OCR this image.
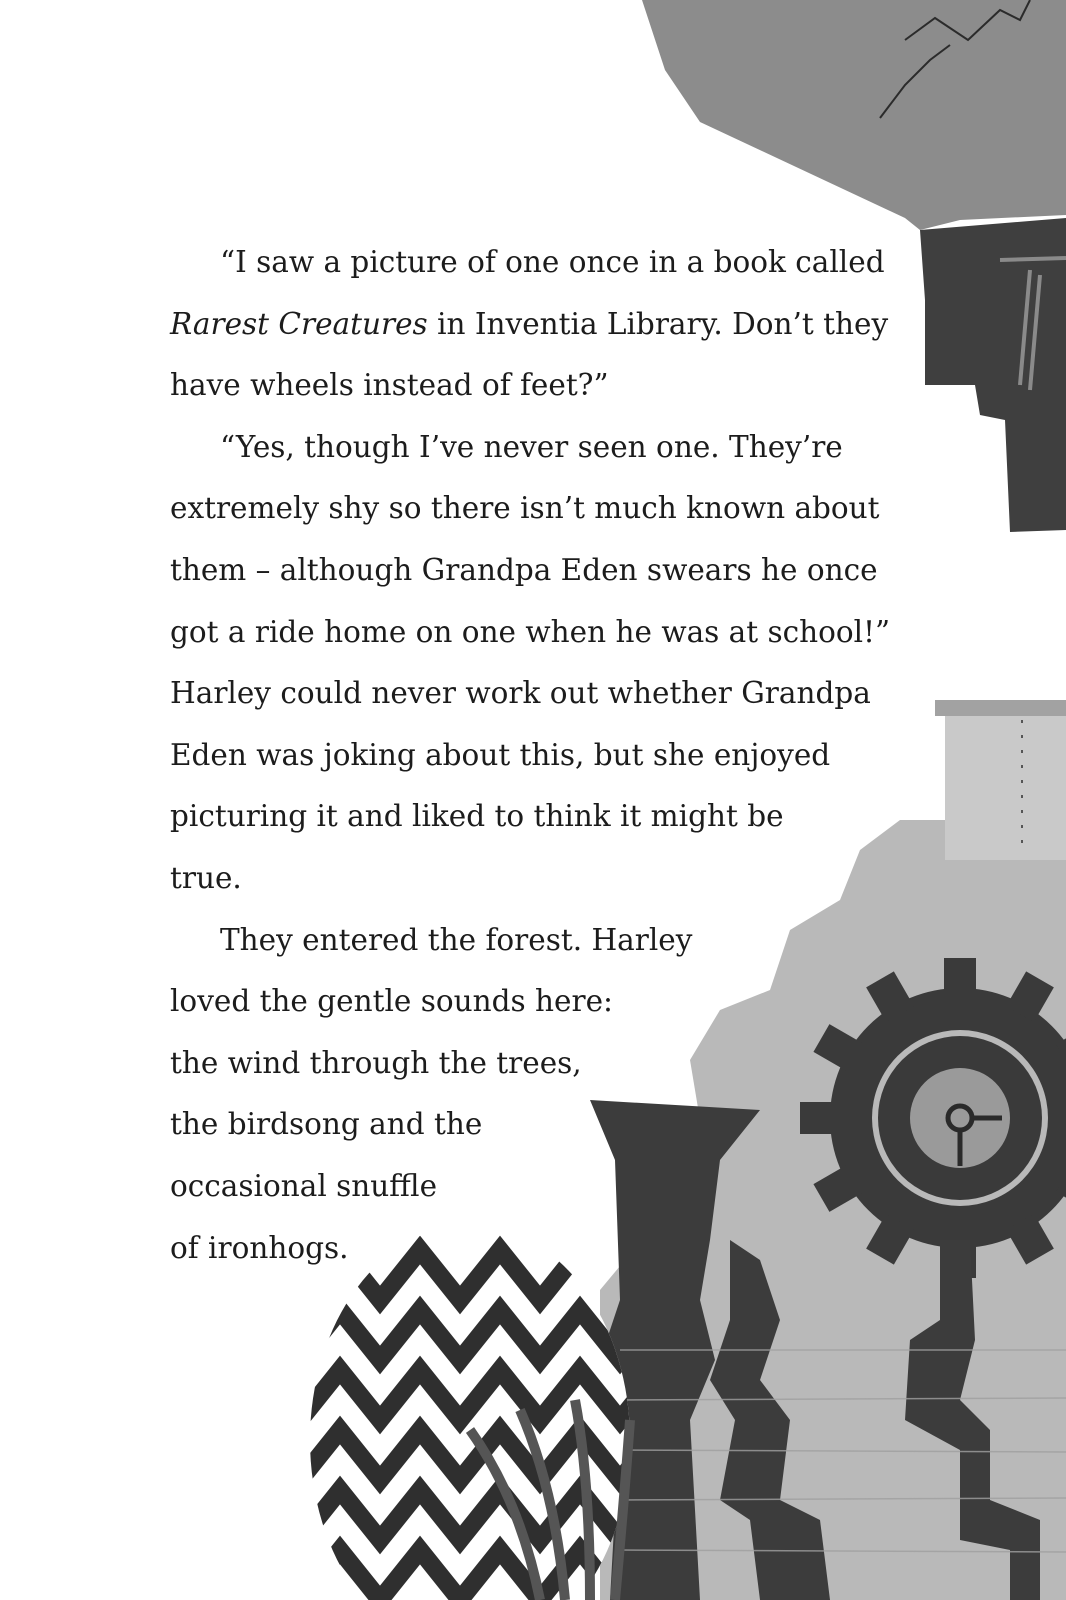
“I saw a picture of one once in a book called
Rarest Creatures in Inventia Library. Don’t they
have wheels instead of feet?”
“Yes, though I’ve never seen one. They’re
extremely shy so there isn’t much known about
them – although Grandpa Eden swears he once
got a ride home on one when he was at school!”
Harley could never work out whether Grandpa
Eden was joking about this, but she enjoyed
picturing it and liked to think it might be
true.
They entered the forest. Harley
loved the gentle sounds here:
the wind through the trees,
the birdsong and the
occasional snuffle
of ironhogs.
